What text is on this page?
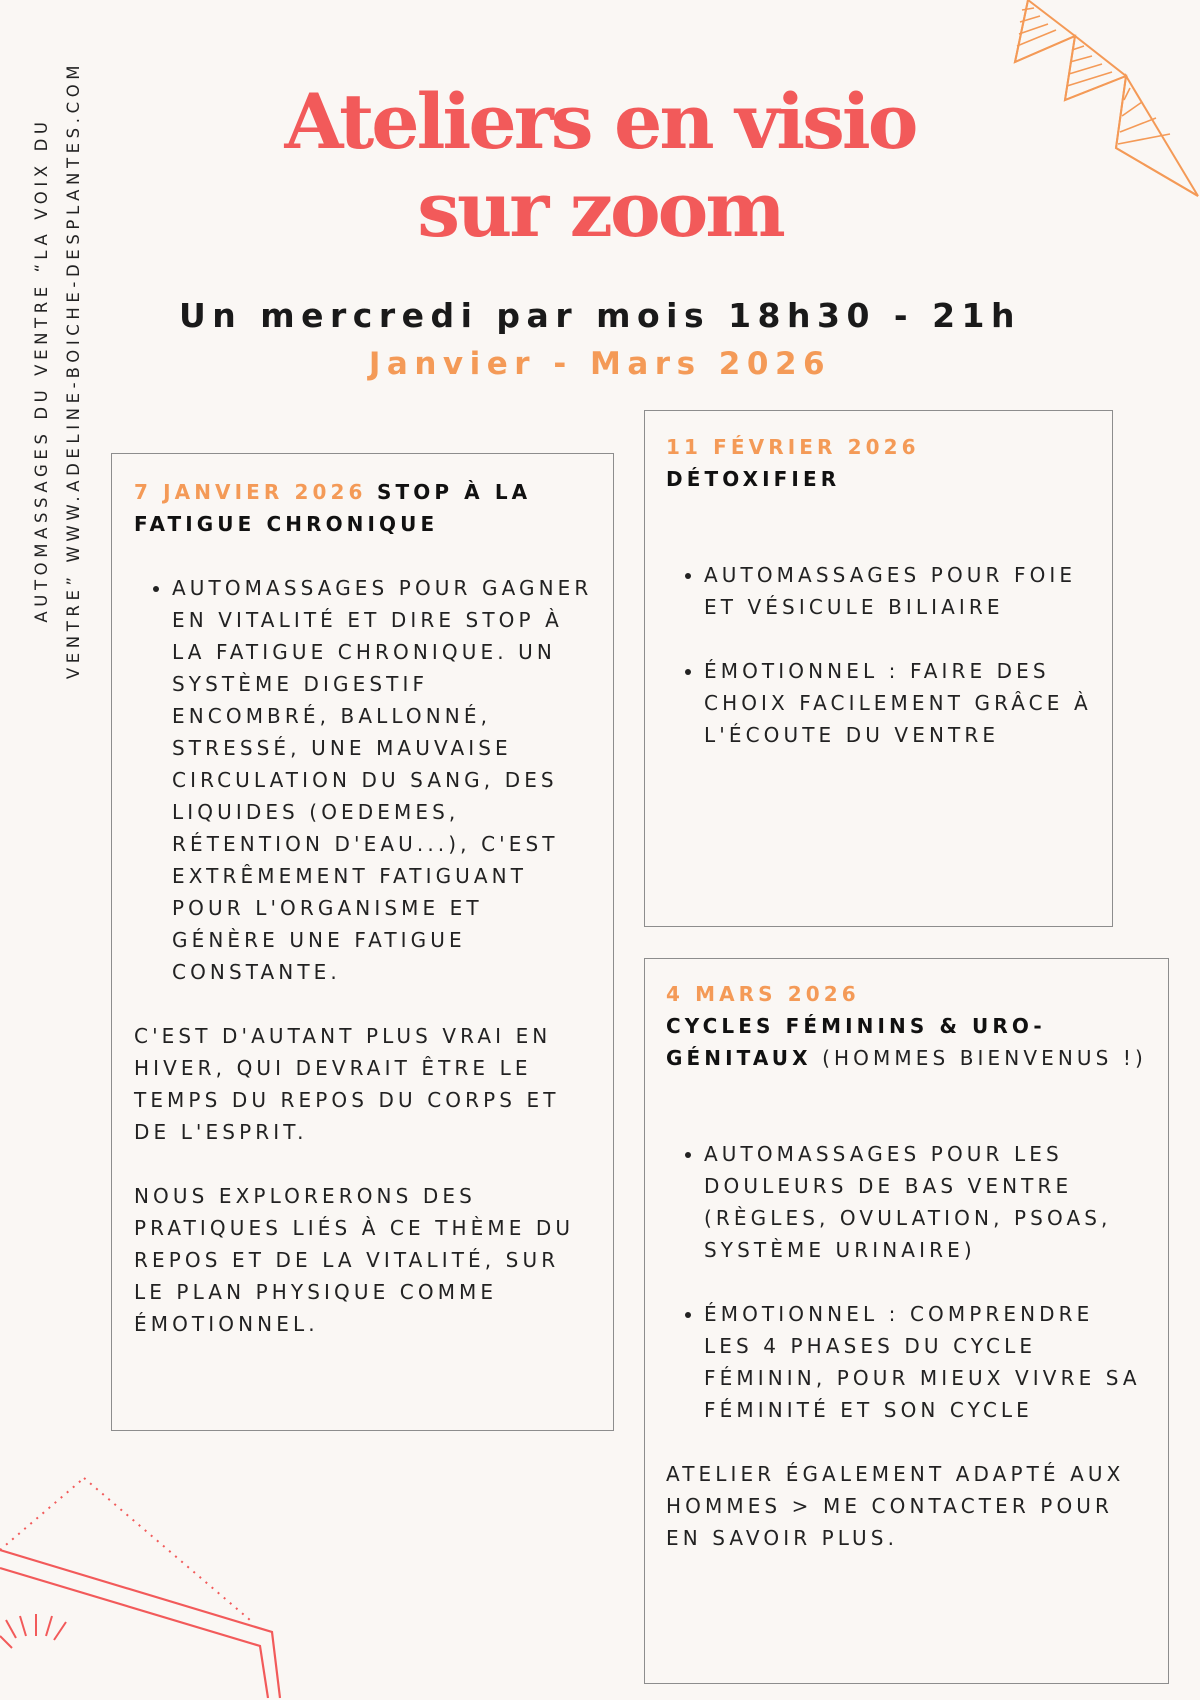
AUTOMASSAGES DU VENTRE “LA VOIX DU VENTRE” WWW.ADELINE-BOICHE-DESPLANTES.COM	Ateliers en visio
sur zoom
Un mercredi par mois 18h30 - 21h
Janvier - Mars 2026
7 JANVIER 2026 STOP À LA FATIGUE CHRONIQUE
• AUTOMASSAGES POUR GAGNER EN VITALITÉ ET DIRE STOP À LA FATIGUE CHRONIQUE. UN SYSTÈME DIGESTIF ENCOMBRÉ, BALLONNÉ, STRESSÉ, UNE MAUVAISE CIRCULATION DU SANG, DES LIQUIDES (OEDEMES, RÉTENTION D'EAU...), C'EST EXTRÊMEMENT FATIGUANT POUR L'ORGANISME ET GÉNÈRE UNE FATIGUE CONSTANTE.

C'EST D'AUTANT PLUS VRAI EN HIVER, QUI DEVRAIT ÊTRE LE TEMPS DU REPOS DU CORPS ET DE L'ESPRIT.

NOUS EXPLORERONS DES PRATIQUES LIÉS À CE THÈME DU REPOS ET DE LA VITALITÉ, SUR LE PLAN PHYSIQUE COMME ÉMOTIONNEL.

11 FÉVRIER 2026
DÉTOXIFIER
• AUTOMASSAGES POUR FOIE ET VÉSICULE BILIAIRE
• ÉMOTIONNEL : FAIRE DES CHOIX FACILEMENT GRÂCE À L'ÉCOUTE DU VENTRE
4 MARS 2026
CYCLES FÉMININS & URO-GÉNITAUX (HOMMES BIENVENUS !)
• AUTOMASSAGES POUR LES DOULEURS DE BAS VENTRE (RÈGLES, OVULATION, PSOAS, SYSTÈME URINAIRE)
• ÉMOTIONNEL : COMPRENDRE LES 4 PHASES DU CYCLE FÉMININ, POUR MIEUX VIVRE SA FÉMINITÉ ET SON CYCLE

ATELIER ÉGALEMENT ADAPTÉ AUX HOMMES > ME CONTACTER POUR EN SAVOIR PLUS.
